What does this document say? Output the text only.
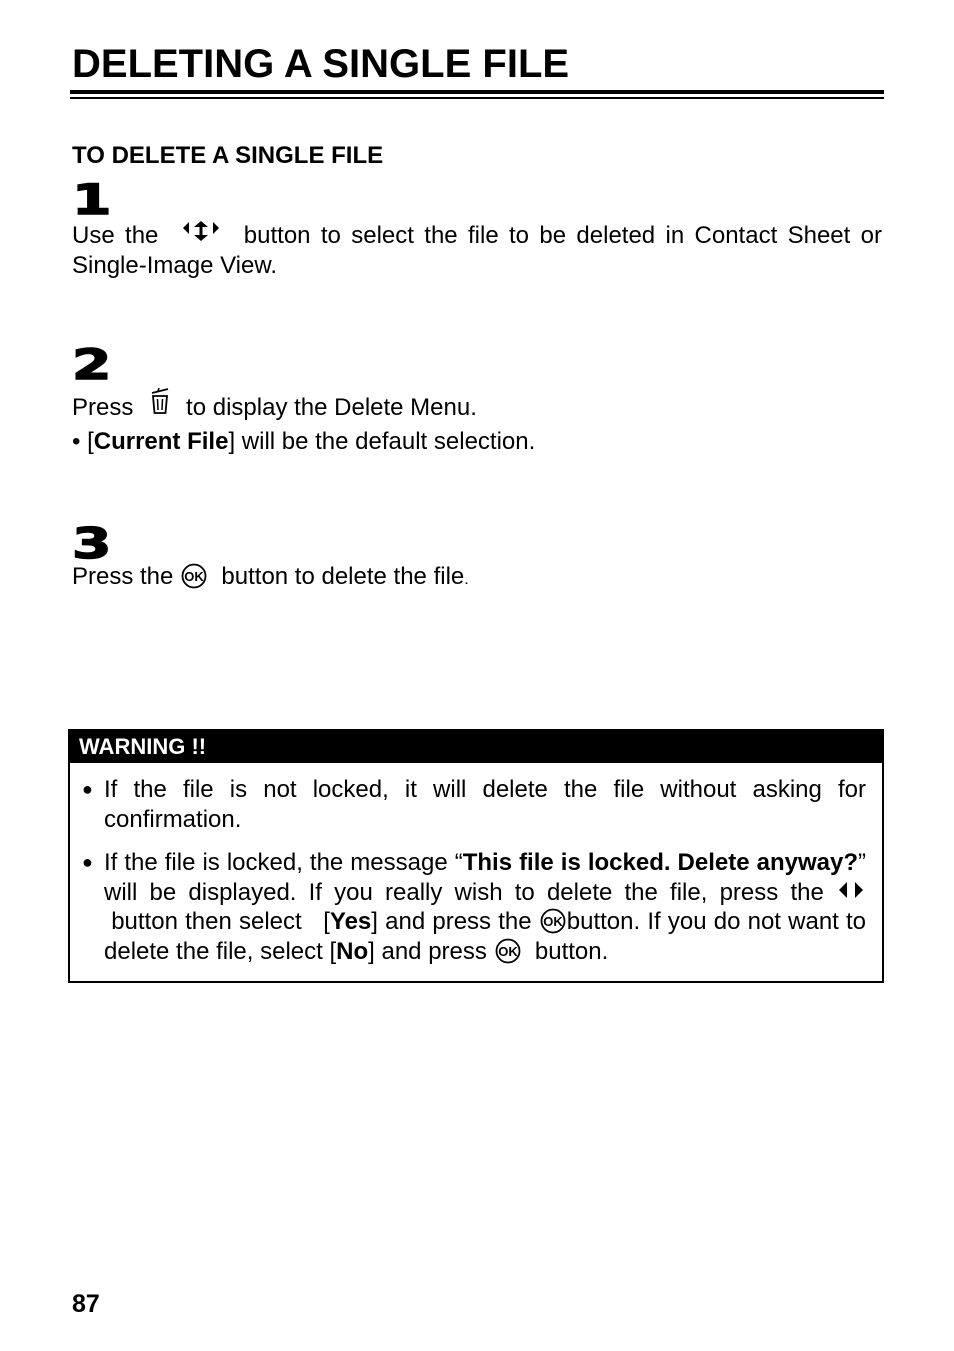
DELETING A SINGLE FILE
TO DELETE A SINGLE FILE
1

Use the	button to select the file to be deleted in Contact Sheet or Single-Image View.

2

Press to display the Delete Menu.

• [Current File] will be the default selection.

3

Press the OK button to delete the file.

WARNING !!
● If the file is not locked, it will delete the file without asking for confirmation.
● If the file is locked, the message “This file is locked. Delete anyway?” will be displayed. If you really wish to delete the file, press the
button then select   [Yes] and press the OK button. If you do not want to delete the file, select [No] and press OK button.
87
